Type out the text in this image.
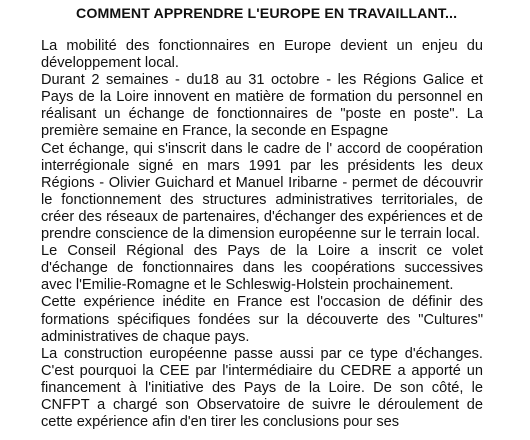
COMMENT APPRENDRE L'EUROPE EN TRAVAILLANT...

La mobilité des fonctionnaires en Europe devient un enjeu du développement local.

Durant 2 semaines - du18 au 31 octobre - les Régions Galice et Pays de la Loire innovent en matière de formation du personnel en réalisant un échange de fonctionnaires de "poste en poste". La première semaine en France, la seconde en Espagne

Cet échange, qui s'inscrit dans le cadre de l' accord de coopération interrégionale signé en mars 1991 par les présidents les deux Régions - Olivier Guichard et Manuel Iribarne - permet de découvrir le fonctionnement des structures administratives territoriales, de créer des réseaux de partenaires, d'échanger des expériences et de prendre conscience de la dimension européenne sur le terrain local.

Le Conseil Régional des Pays de la Loire a inscrit ce volet d'échange de fonctionnaires dans les coopérations successives avec l'Emilie-Romagne et le Schleswig-Holstein prochainement.

Cette expérience inédite en France est l'occasion de définir des formations spécifiques fondées sur la découverte des "Cultures" administratives de chaque pays.

La construction européenne passe aussi par ce type d'échanges. C'est pourquoi la CEE par l'intermédiaire du CEDRE a apporté un financement à l'initiative des Pays de la Loire. De son côté, le CNFPT a chargé son Observatoire de suivre le déroulement de cette expérience afin d'en tirer les conclusions pour ses
